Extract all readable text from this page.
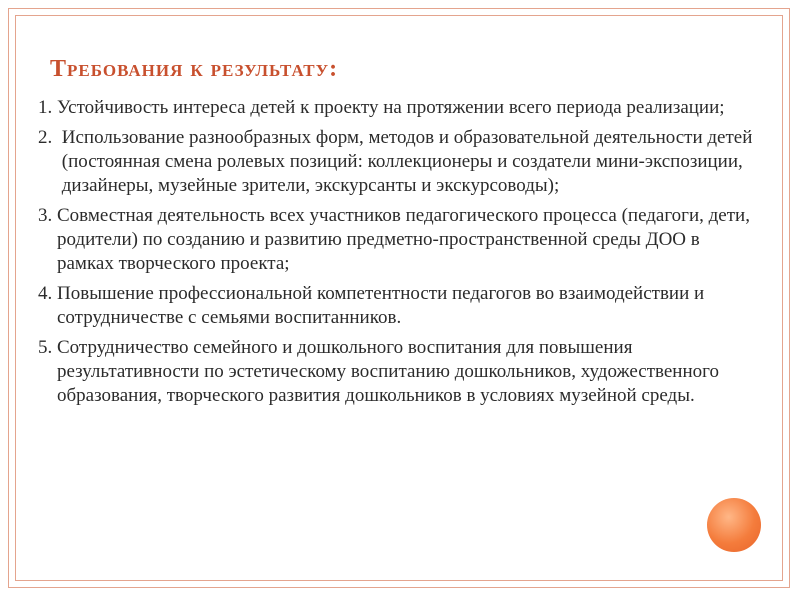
Требования к результату:
1. Устойчивость интереса детей к проекту на протяжении всего периода реализации;
2. Использование разнообразных форм, методов и образовательной деятельности детей (постоянная смена ролевых позиций: коллекционеры и создатели мини-экспозиции, дизайнеры, музейные зрители, экскурсанты и экскурсоводы);
3. Совместная деятельность всех участников педагогического процесса (педагоги, дети, родители) по созданию и развитию предметно-пространственной среды ДОО в рамках творческого проекта;
4. Повышение профессиональной компетентности педагогов во взаимодействии и сотрудничестве с семьями воспитанников.
5. Сотрудничество семейного и дошкольного воспитания для повышения результативности по эстетическому воспитанию дошкольников, художественного образования, творческого развития дошкольников в условиях музейной среды.
